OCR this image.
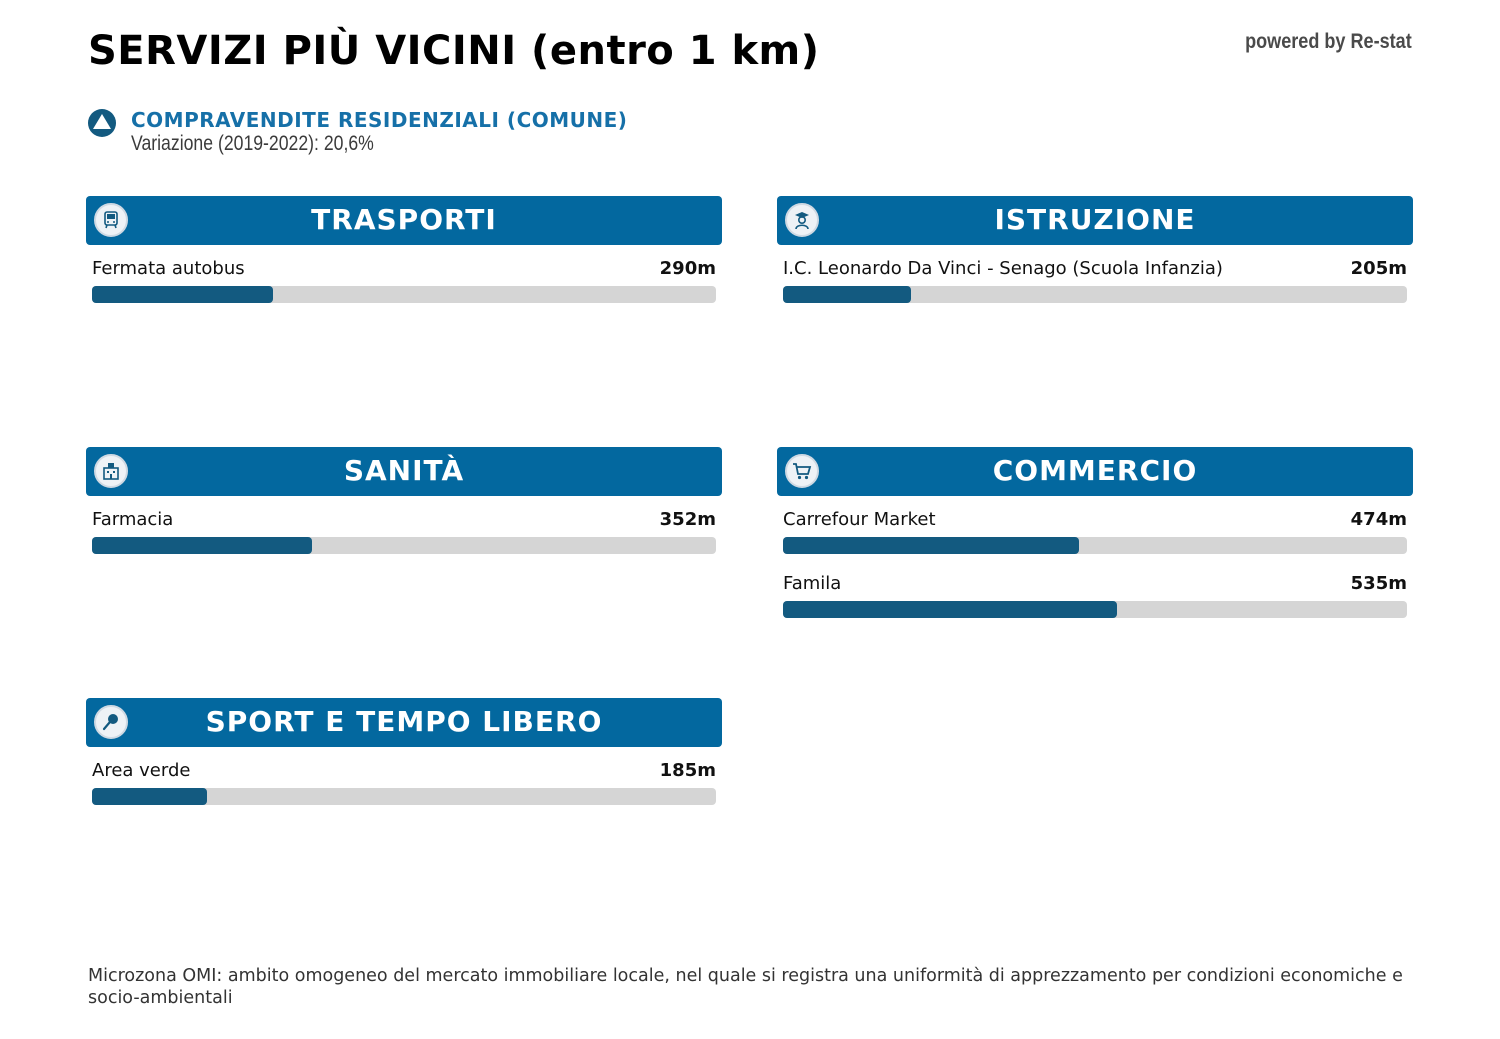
SERVIZI PIÙ VICINI (entro 1 km)	powered by Re-stat
COMPRAVENDITE RESIDENZIALI (COMUNE)
Variazione (2019-2022): 20,6%
TRASPORTI
Fermata autobus	290m
ISTRUZIONE
I.C. Leonardo Da Vinci - Senago (Scuola Infanzia)	205m
SANITÀ
Farmacia	352m
COMMERCIO
Carrefour Market	474m
Famila	535m
SPORT E TEMPO LIBERO
Area verde	185m
Microzona OMI: ambito omogeneo del mercato immobiliare locale, nel quale si registra una uniformità di apprezzamento per condizioni economiche e socio-ambientali
